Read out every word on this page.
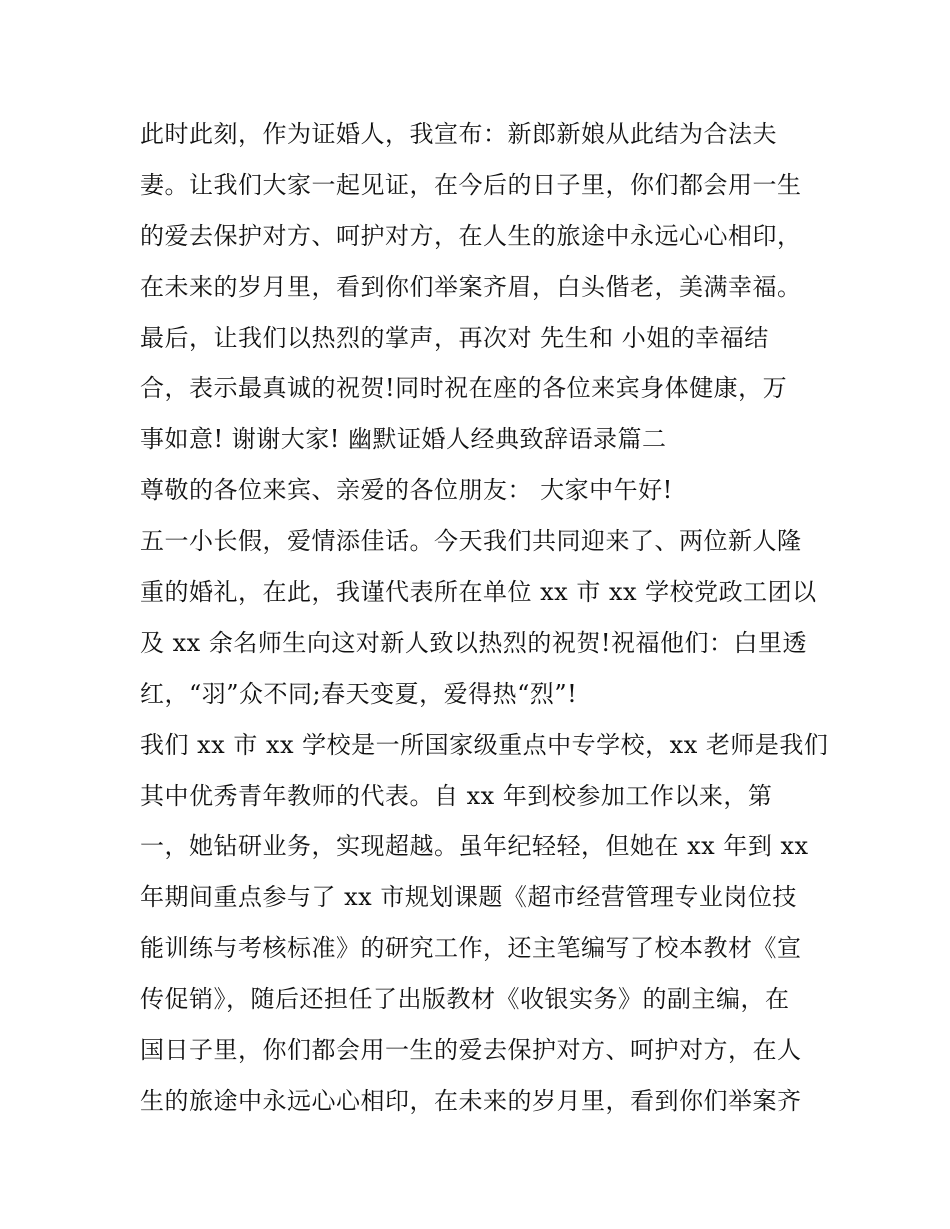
此时此刻，作为证婚人，我宣布：新郎新娘从此结为合法夫
妻。让我们大家一起见证，在今后的日子里，你们都会用一生
的爱去保护对方、呵护对方，在人生的旅途中永远心心相印，
在未来的岁月里，看到你们举案齐眉，白头偕老，美满幸福。
最后，让我们以热烈的掌声，再次对 先生和 小姐的幸福结
合，表示最真诚的祝贺!同时祝在座的各位来宾身体健康，万
事如意! 谢谢大家! 幽默证婚人经典致辞语录篇二
尊敬的各位来宾、亲爱的各位朋友： 大家中午好!
五一小长假，爱情添佳话。今天我们共同迎来了、两位新人隆
重的婚礼，在此，我谨代表所在单位 xx 市 xx 学校党政工团以
及 xx 余名师生向这对新人致以热烈的祝贺!祝福他们：白里透
红，“羽”众不同;春天变夏，爱得热“烈”!
我们 xx 市 xx 学校是一所国家级重点中专学校，xx 老师是我们
其中优秀青年教师的代表。自 xx 年到校参加工作以来，第
一，她钻研业务，实现超越。虽年纪轻轻，但她在 xx 年到 xx
年期间重点参与了 xx 市规划课题《超市经营管理专业岗位技
能训练与考核标准》的研究工作，还主笔编写了校本教材《宣
传促销》，随后还担任了出版教材《收银实务》的副主编，在
国日子里，你们都会用一生的爱去保护对方、呵护对方，在人
生的旅途中永远心心相印，在未来的岁月里，看到你们举案齐
